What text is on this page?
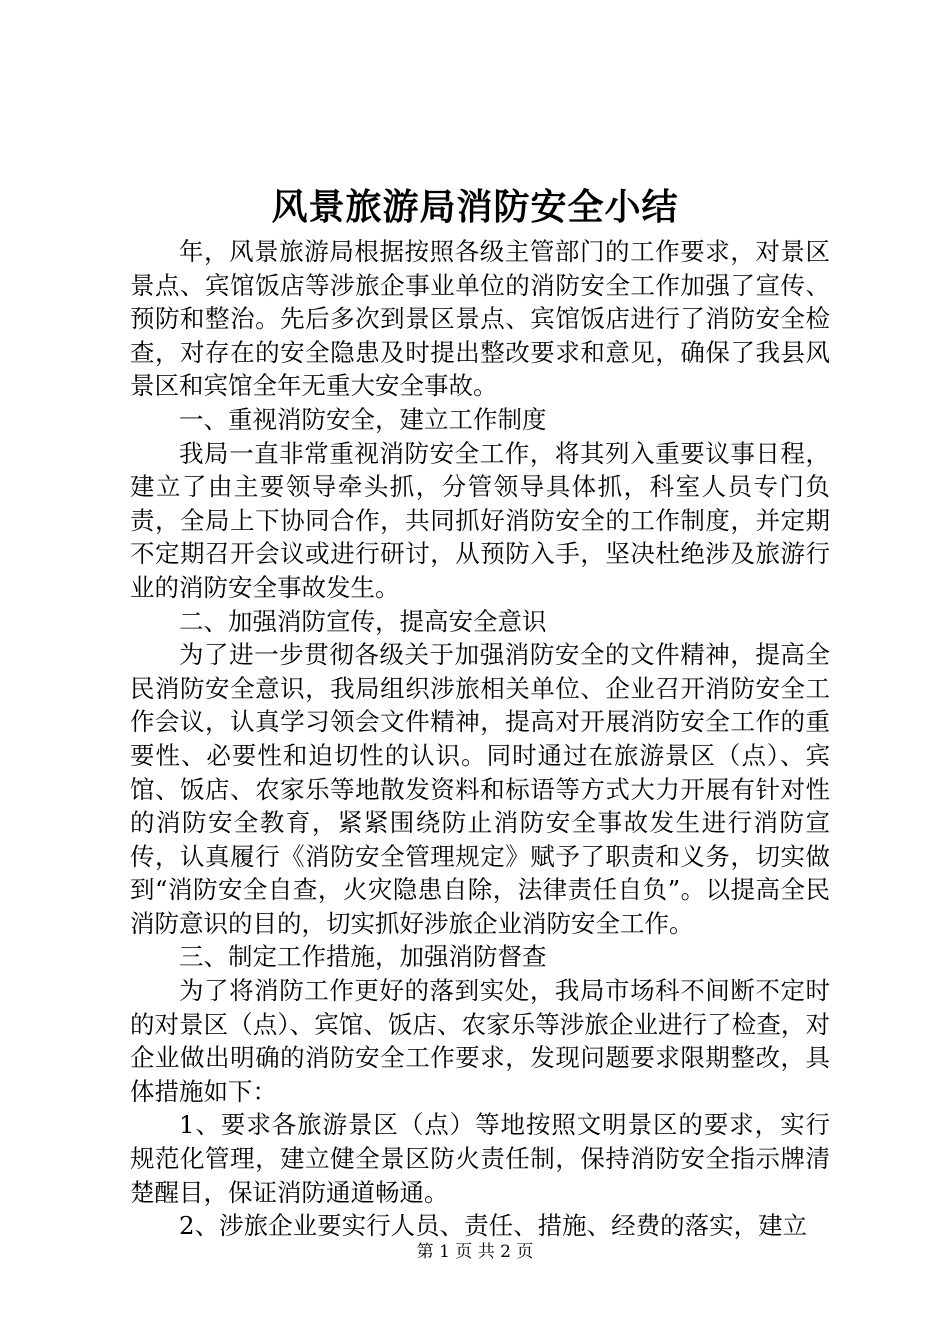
风景旅游局消防安全小结

年，风景旅游局根据按照各级主管部门的工作要求，对景区景点、宾馆饭店等涉旅企事业单位的消防安全工作加强了宣传、预防和整治。先后多次到景区景点、宾馆饭店进行了消防安全检查，对存在的安全隐患及时提出整改要求和意见，确保了我县风景区和宾馆全年无重大安全事故。

一、重视消防安全，建立工作制度

我局一直非常重视消防安全工作，将其列入重要议事日程，建立了由主要领导牵头抓，分管领导具体抓，科室人员专门负责，全局上下协同合作，共同抓好消防安全的工作制度，并定期不定期召开会议或进行研讨，从预防入手，坚决杜绝涉及旅游行业的消防安全事故发生。

二、加强消防宣传，提高安全意识

为了进一步贯彻各级关于加强消防安全的文件精神，提高全民消防安全意识，我局组织涉旅相关单位、企业召开消防安全工作会议，认真学习领会文件精神，提高对开展消防安全工作的重要性、必要性和迫切性的认识。同时通过在旅游景区（点）、宾馆、饭店、农家乐等地散发资料和标语等方式大力开展有针对性的消防安全教育，紧紧围绕防止消防安全事故发生进行消防宣传，认真履行《消防安全管理规定》赋予了职责和义务，切实做到“消防安全自查，火灾隐患自除，法律责任自负”。以提高全民消防意识的目的，切实抓好涉旅企业消防安全工作。

三、制定工作措施，加强消防督查

为了将消防工作更好的落到实处，我局市场科不间断不定时的对景区（点）、宾馆、饭店、农家乐等涉旅企业进行了检查，对企业做出明确的消防安全工作要求，发现问题要求限期整改，具体措施如下：

1、要求各旅游景区（点）等地按照文明景区的要求，实行规范化管理，建立健全景区防火责任制，保持消防安全指示牌清楚醒目，保证消防通道畅通。

2、涉旅企业要实行人员、责任、措施、经费的落实，建立

第 1 页 共 2 页
